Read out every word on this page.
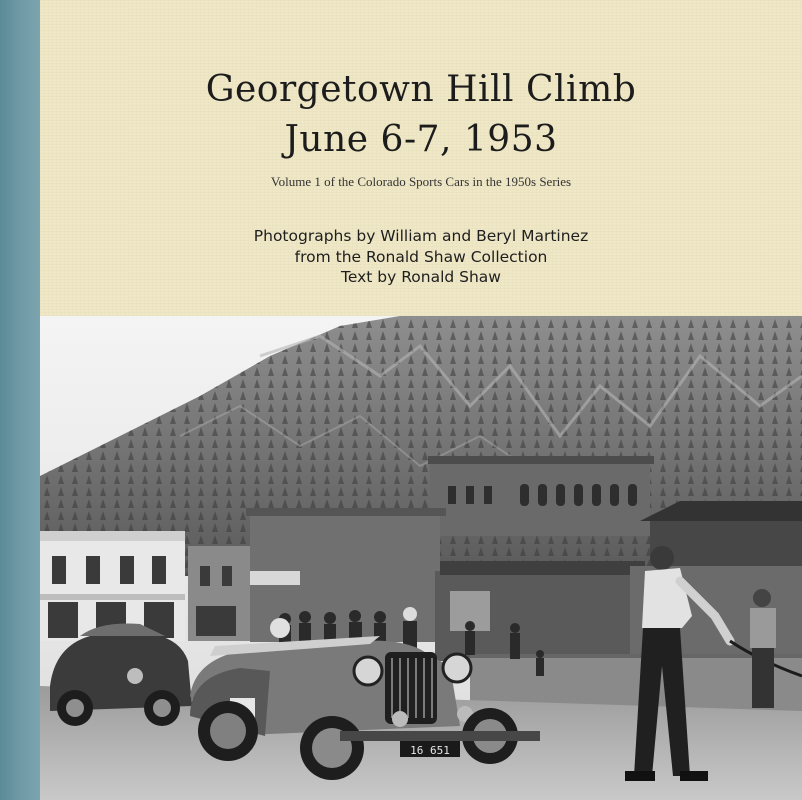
Georgetown Hill Climb
June 6-7, 1953
Volume 1 of the Colorado Sports Cars in the 1950s Series
Photographs by William and Beryl Martinez
from the Ronald Shaw Collection
Text by Ronald Shaw
16 651
